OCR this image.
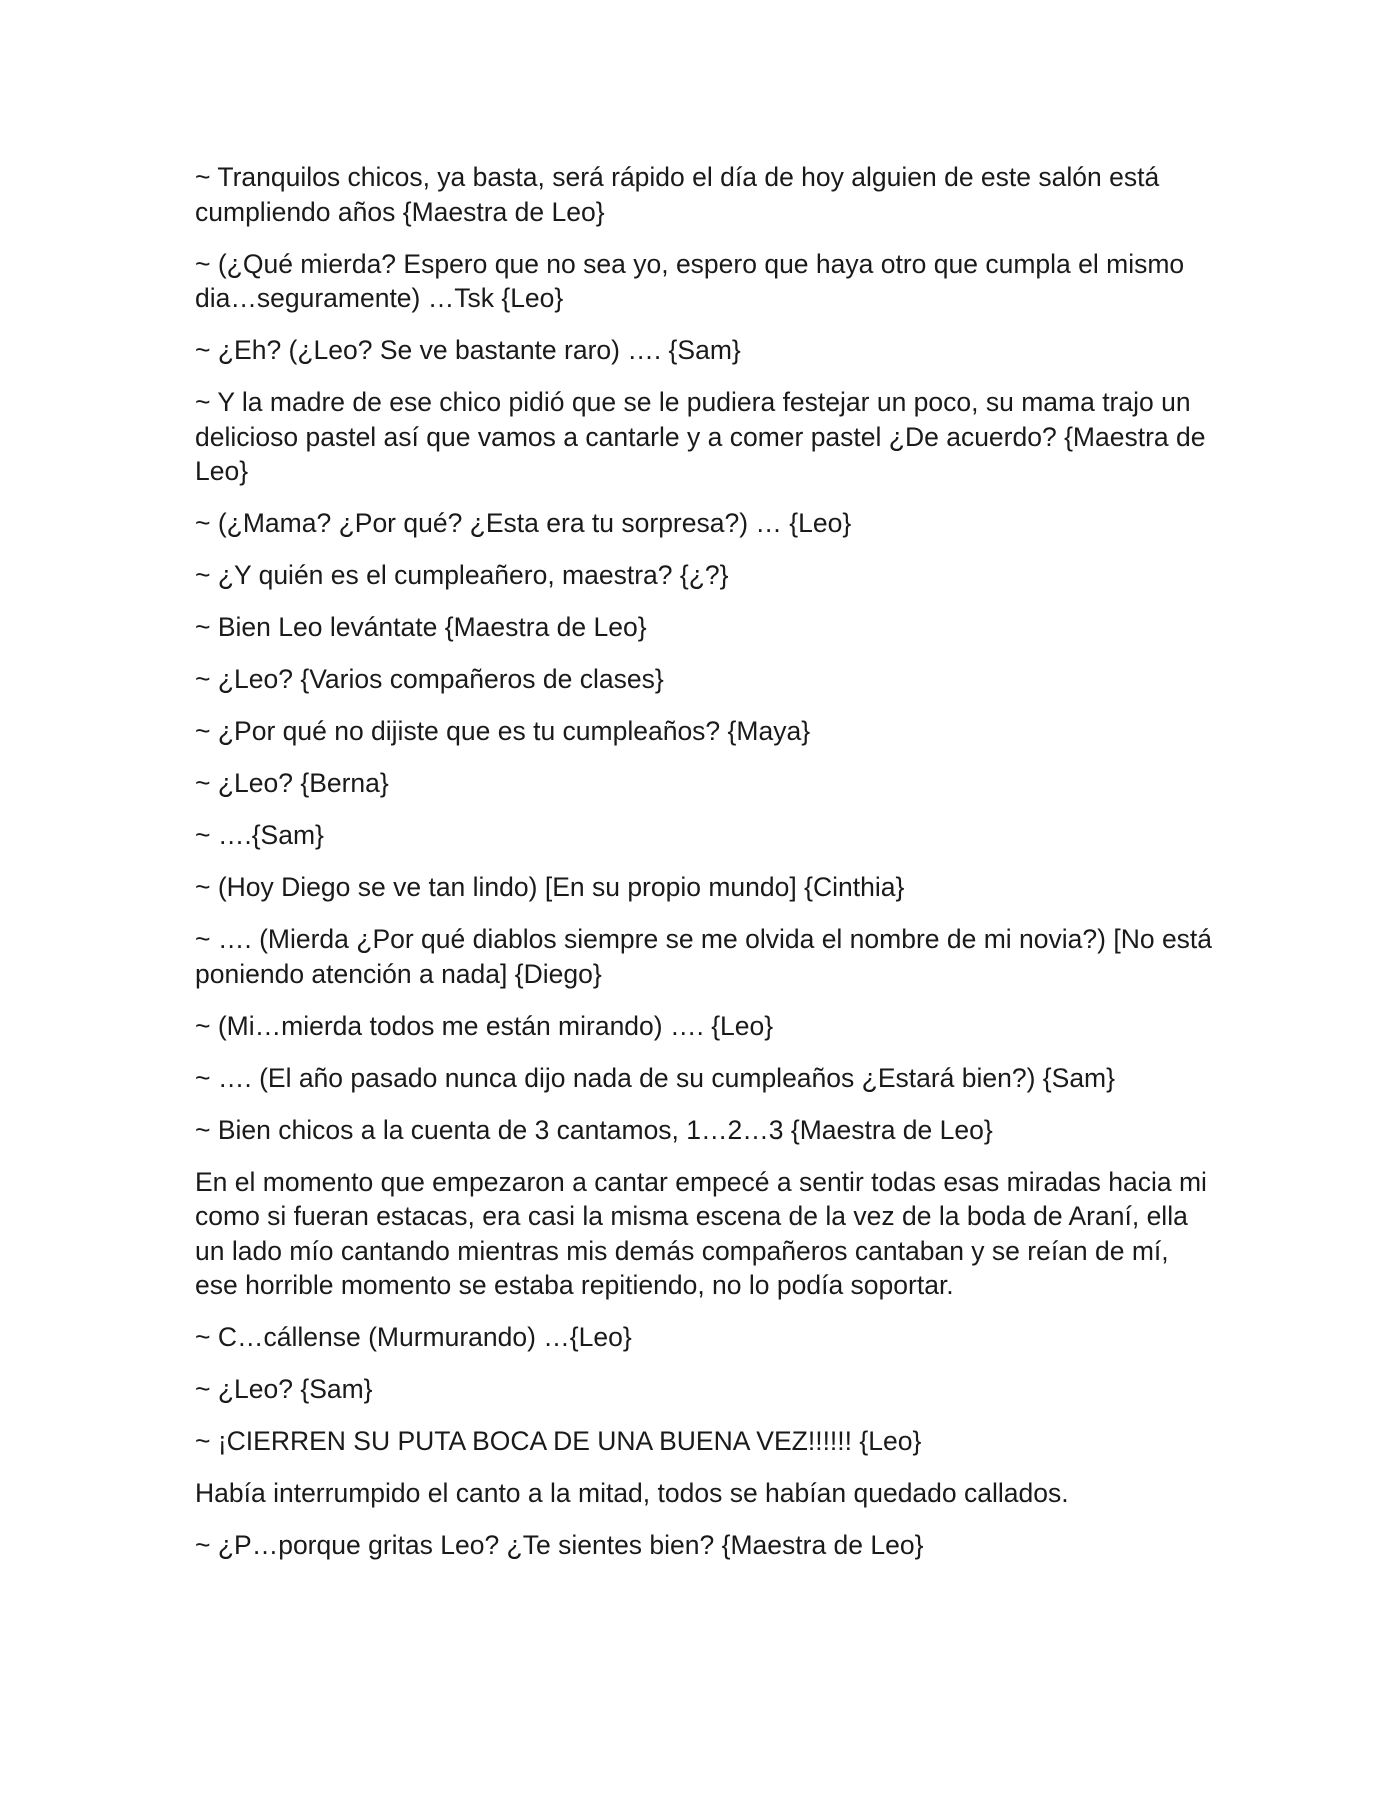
~ Tranquilos chicos, ya basta, será rápido el día de hoy alguien de este salón está cumpliendo años {Maestra de Leo}

~ (¿Qué mierda? Espero que no sea yo, espero que haya otro que cumpla el mismo dia…seguramente) …Tsk {Leo}

~ ¿Eh? (¿Leo? Se ve bastante raro) …. {Sam}

~ Y la madre de ese chico pidió que se le pudiera festejar un poco, su mama trajo un delicioso pastel así que vamos a cantarle y a comer pastel ¿De acuerdo? {Maestra de Leo}

~ (¿Mama? ¿Por qué? ¿Esta era tu sorpresa?) … {Leo}

~ ¿Y quién es el cumpleañero, maestra? {¿?}

~ Bien Leo levántate {Maestra de Leo}

~ ¿Leo? {Varios compañeros de clases}

~ ¿Por qué no dijiste que es tu cumpleaños? {Maya}

~ ¿Leo? {Berna}

~ ….{Sam}

~ (Hoy Diego se ve tan lindo) [En su propio mundo] {Cinthia}

~ …. (Mierda ¿Por qué diablos siempre se me olvida el nombre de mi novia?) [No está poniendo atención a nada] {Diego}

~ (Mi…mierda todos me están mirando) …. {Leo}

~ …. (El año pasado nunca dijo nada de su cumpleaños ¿Estará bien?) {Sam}

~ Bien chicos a la cuenta de 3 cantamos, 1…2…3 {Maestra de Leo}

En el momento que empezaron a cantar empecé a sentir todas esas miradas hacia mi como si fueran estacas, era casi la misma escena de la vez de la boda de Araní, ella un lado mío cantando mientras mis demás compañeros cantaban y se reían de mí, ese horrible momento se estaba repitiendo, no lo podía soportar.

~ C…cállense (Murmurando) …{Leo}

~ ¿Leo? {Sam}

~ ¡CIERREN SU PUTA BOCA DE UNA BUENA VEZ!!!!!! {Leo}

Había interrumpido el canto a la mitad, todos se habían quedado callados.

~ ¿P…porque gritas Leo? ¿Te sientes bien? {Maestra de Leo}
